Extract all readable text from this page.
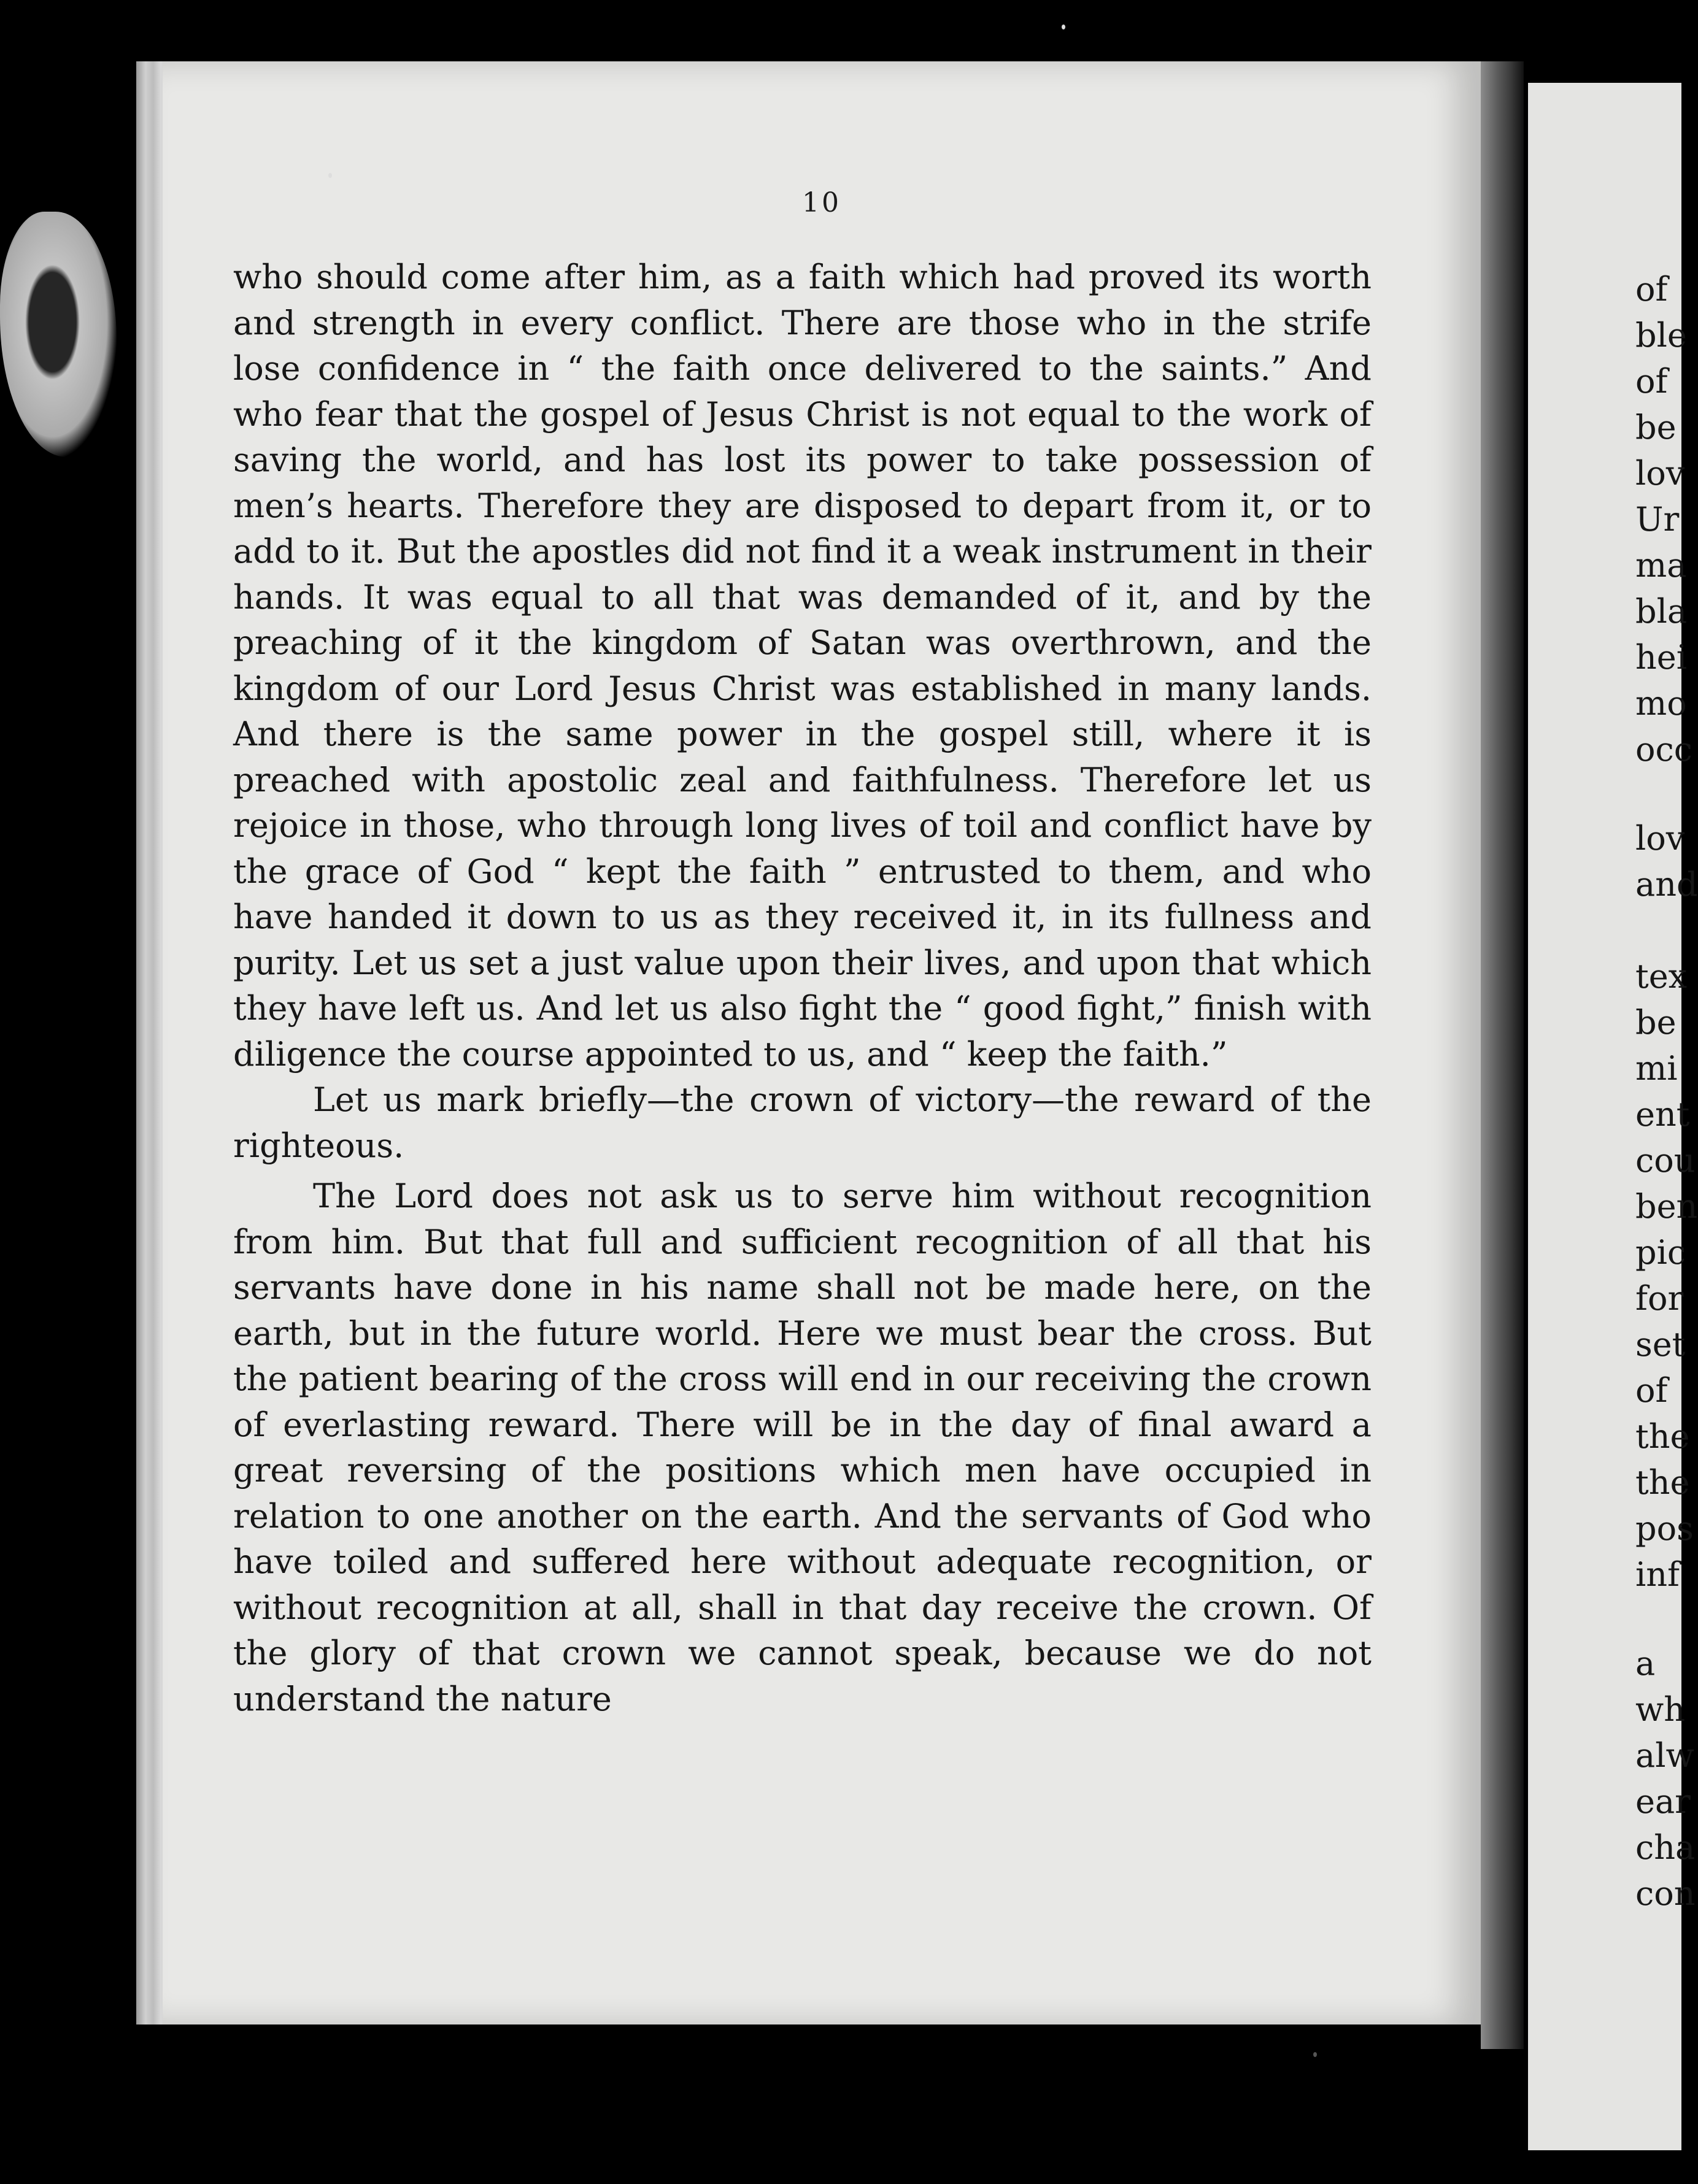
10

who should come after him, as a faith which had proved its worth and strength in every conflict. There are those who in the strife lose confidence in “ the faith once delivered to the saints.” And who fear that the gospel of Jesus Christ is not equal to the work of saving the world, and has lost its power to take possession of men’s hearts. Therefore they are disposed to depart from it, or to add to it. But the apostles did not find it a weak instrument in their hands. It was equal to all that was demanded of it, and by the preaching of it the kingdom of Satan was overthrown, and the kingdom of our Lord Jesus Christ was established in many lands. And there is the same power in the gospel still, where it is preached with apostolic zeal and faithfulness. Therefore let us rejoice in those, who through long lives of toil and conflict have by the grace of God “ kept the faith ” entrusted to them, and who have handed it down to us as they received it, in its fullness and purity. Let us set a just value upon their lives, and upon that which they have left us. And let us also fight the “ good fight,” finish with diligence the course appointed to us, and “ keep the faith.”

Let us mark briefly—the crown of victory—the reward of the righteous.

The Lord does not ask us to serve him without recognition from him. But that full and sufficient recognition of all that his servants have done in his name shall not be made here, on the earth, but in the future world. Here we must bear the cross. But the patient bearing of the cross will end in our receiving the crown of everlasting reward. There will be in the day of final award a great reversing of the positions which men have occupied in relation to one another on the earth. And the servants of God who have toiled and suffered here without adequate recognition, or without recognition at all, shall in that day receive the crown. Of the glory of that crown we cannot speak, because we do not understand the nature

of
ble
of
be
lov
Ur
ma
bla
hei
mo
occ
lov
and
tex
be
mi
ent
cou
ben
pic
for
set
of
the
the
pos
inf
a
wh
alw
ear
cha
con
